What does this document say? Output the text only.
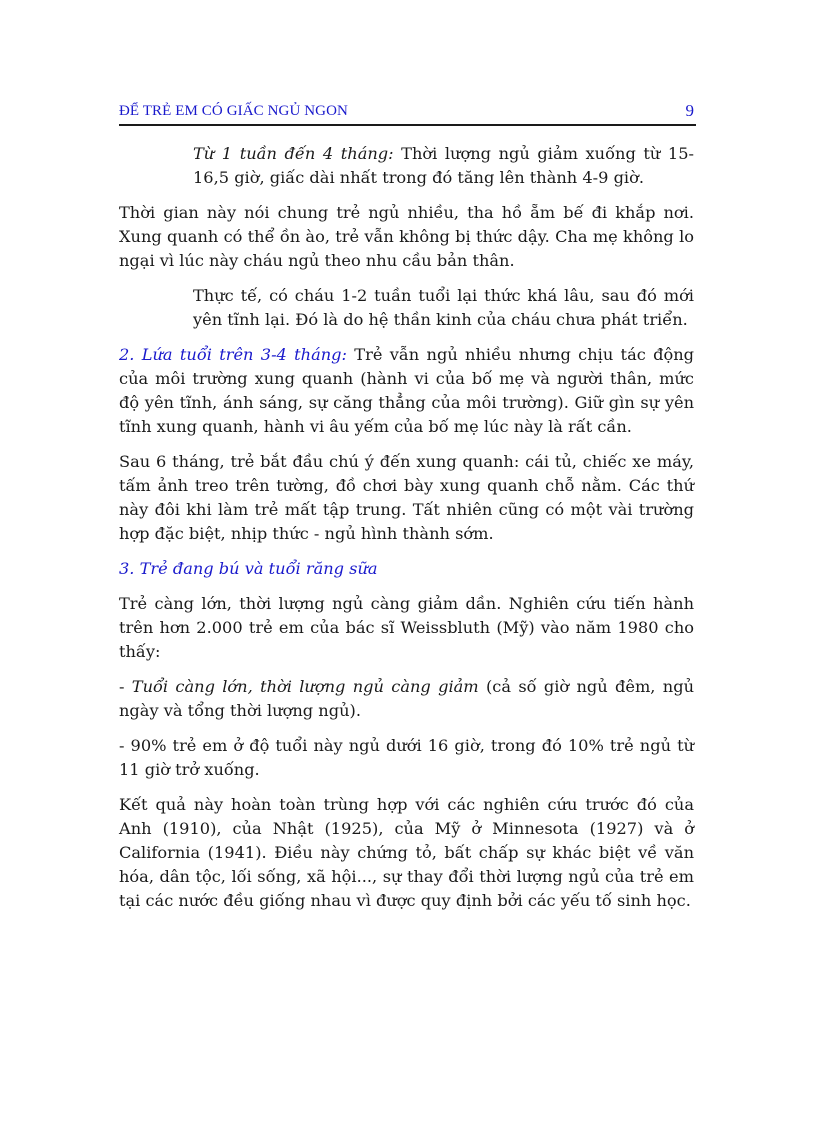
ĐỂ TRẺ EM CÓ GIẤC NGỦ NGON	9

Từ 1 tuần đến 4 tháng: Thời lượng ngủ giảm xuống từ 15-16,5 giờ, giấc dài nhất trong đó tăng lên thành 4-9 giờ.

Thời gian này nói chung trẻ ngủ nhiều, tha hồ ẵm bế đi khắp nơi. Xung quanh có thể ồn ào, trẻ vẫn không bị thức dậy. Cha mẹ không lo ngại vì lúc này cháu ngủ theo nhu cầu bản thân.

Thực tế, có cháu 1-2 tuần tuổi lại thức khá lâu, sau đó mới yên tĩnh lại. Đó là do hệ thần kinh của cháu chưa phát triển.

2. Lứa tuổi trên 3-4 tháng: Trẻ vẫn ngủ nhiều nhưng chịu tác động của môi trường xung quanh (hành vi của bố mẹ và người thân, mức độ yên tĩnh, ánh sáng, sự căng thẳng của môi trường). Giữ gìn sự yên tĩnh xung quanh, hành vi âu yếm của bố mẹ lúc này là rất cần.

Sau 6 tháng, trẻ bắt đầu chú ý đến xung quanh: cái tủ, chiếc xe máy, tấm ảnh treo trên tường, đồ chơi bày xung quanh chỗ nằm. Các thứ này đôi khi làm trẻ mất tập trung. Tất nhiên cũng có một vài trường hợp đặc biệt, nhịp thức - ngủ hình thành sớm.

3. Trẻ đang bú và tuổi răng sữa

Trẻ càng lớn, thời lượng ngủ càng giảm dần. Nghiên cứu tiến hành trên hơn 2.000 trẻ em của bác sĩ Weissbluth (Mỹ) vào năm 1980 cho thấy:

- Tuổi càng lớn, thời lượng ngủ càng giảm (cả số giờ ngủ đêm, ngủ ngày và tổng thời lượng ngủ).

- 90% trẻ em ở độ tuổi này ngủ dưới 16 giờ, trong đó 10% trẻ ngủ từ 11 giờ trở xuống.

Kết quả này hoàn toàn trùng hợp với các nghiên cứu trước đó của Anh (1910), của Nhật (1925), của Mỹ ở Minnesota (1927) và ở California (1941). Điều này chứng tỏ, bất chấp sự khác biệt về văn hóa, dân tộc, lối sống, xã hội..., sự thay đổi thời lượng ngủ của trẻ em tại các nước đều giống nhau vì được quy định bởi các yếu tố sinh học.
